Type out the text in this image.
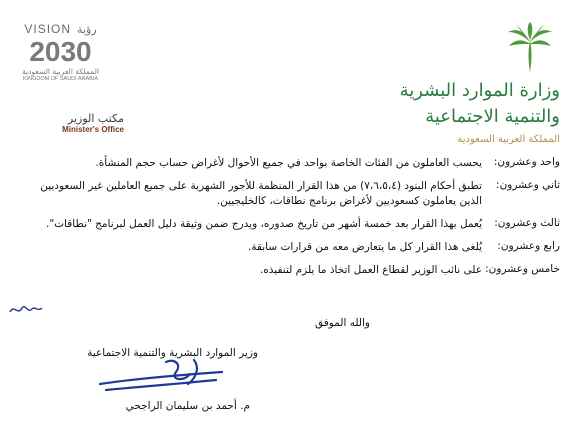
VISION رؤية
2030
المملكة العربية السعودية
KINGDOM OF SAUDI ARABIA
مكتب الوزير
Minister's Office
وزارة الموارد البشرية
والتنمية الاجتماعية
المملكة العربية السعودية
واحد وعشرون:
يحسب العاملون من الفئات الخاصة بواحد في جميع الأحوال لأغراض حساب حجم المنشأة.
ثاني وعشرون:
تطبق أحكام البنود (٧،٦،٥،٤) من هذا القرار المنظمة للأجور الشهرية على جميع العاملين غير السعوديين الذين يعاملون كسعوديين لأغراض برنامج نطاقات، كالخليجيين.
ثالث وعشرون:
يُعمل بهذا القرار بعد خمسة أشهر من تاريخ صدوره، ويدرج ضمن وثيقة دليل العمل لبرنامج "نطاقات".
رابع وعشرون:
يُلغى هذا القرار كل ما يتعارض معه من قرارات سابقة.
خامس وعشرون:
على نائب الوزير لقطاع العمل اتخاذ ما يلزم لتنفيذه.
والله الموفق
وزير الموارد البشرية والتنمية الاجتماعية
م. أحمد بن سليمان الراجحي
